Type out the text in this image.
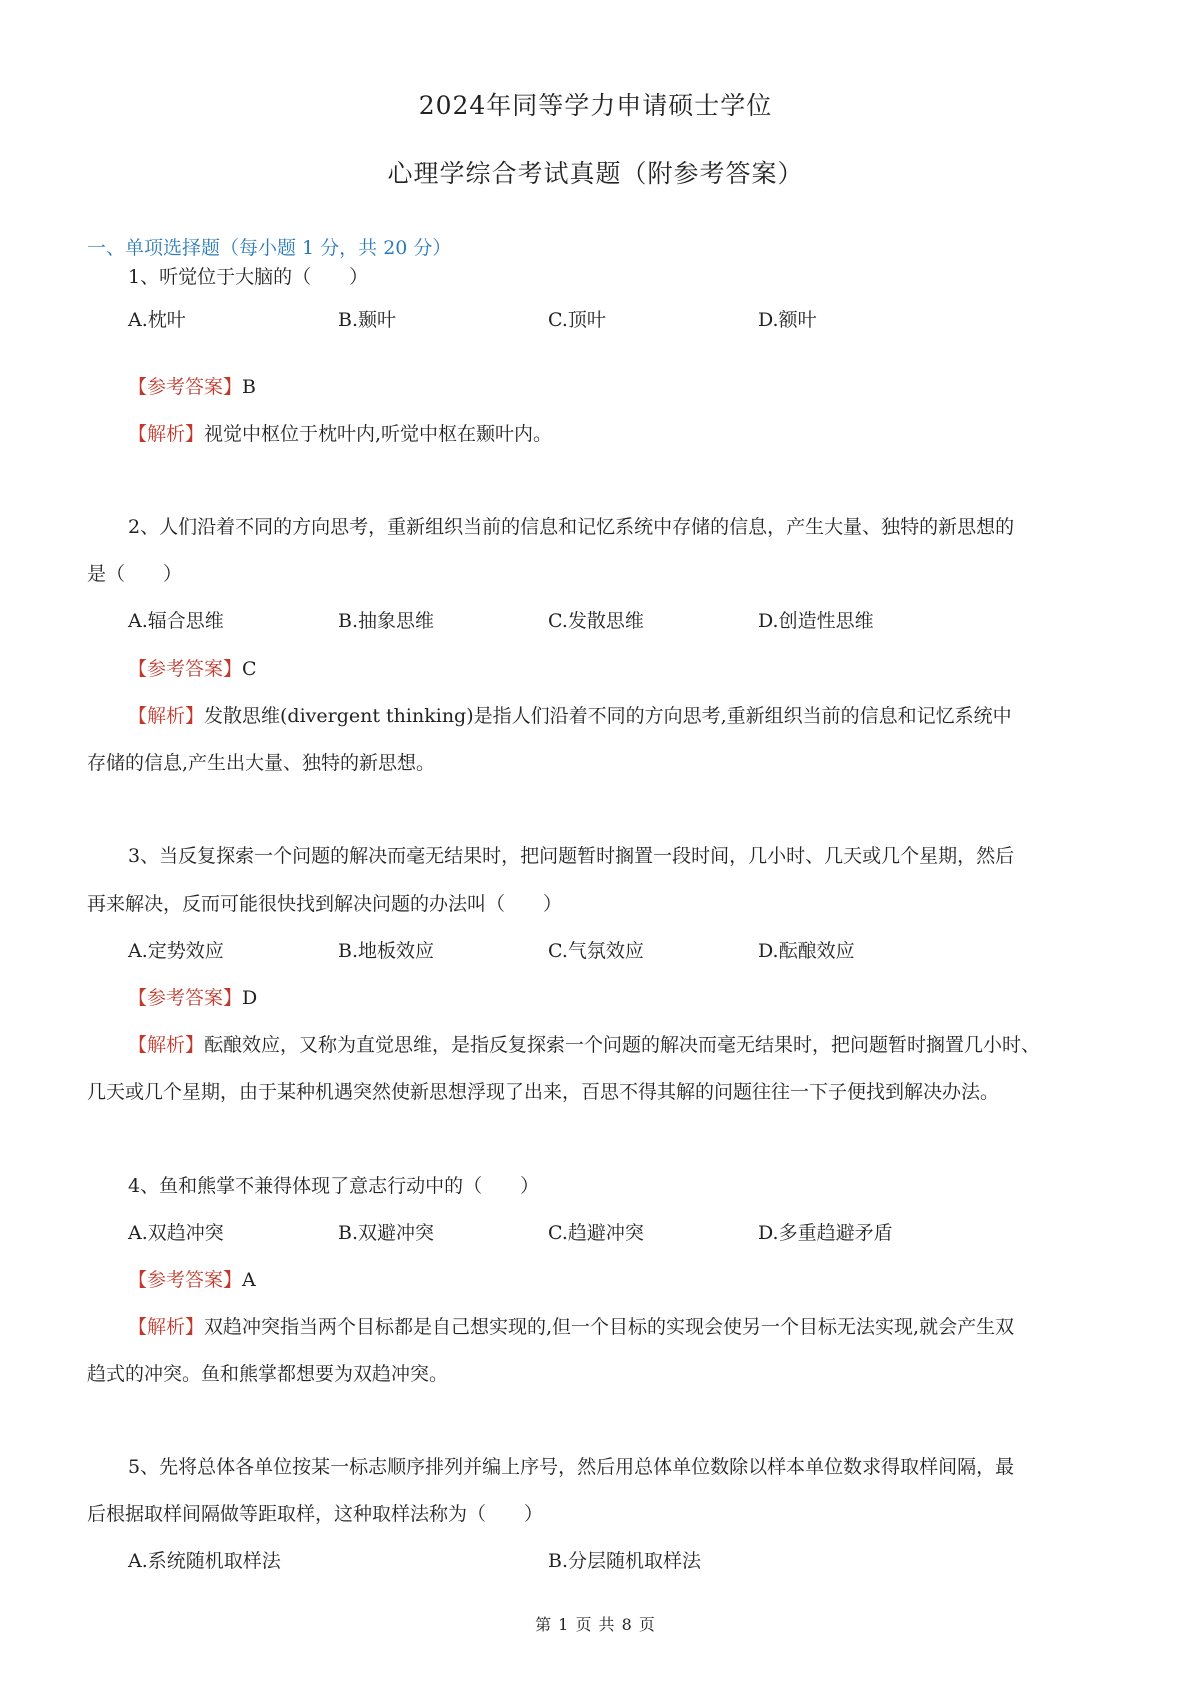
2024年同等学力申请硕士学位
心理学综合考试真题（附参考答案）
一、单项选择题（每小题 1 分，共 20 分）
1、听觉位于大脑的（　　）
A.枕叶	B.颞叶	C.顶叶	D.额叶
【参考答案】B
【解析】视觉中枢位于枕叶内,听觉中枢在颞叶内。
2、人们沿着不同的方向思考，重新组织当前的信息和记忆系统中存储的信息，产生大量、独特的新思想的
是（　　）
A.辐合思维	B.抽象思维	C.发散思维	D.创造性思维
【参考答案】C
【解析】发散思维(divergent thinking)是指人们沿着不同的方向思考,重新组织当前的信息和记忆系统中
存储的信息,产生出大量、独特的新思想。
3、当反复探索一个问题的解决而毫无结果时，把问题暂时搁置一段时间，几小时、几天或几个星期，然后
再来解决，反而可能很快找到解决问题的办法叫（　　）
A.定势效应	B.地板效应	C.气氛效应	D.酝酿效应
【参考答案】D
【解析】酝酿效应，又称为直觉思维，是指反复探索一个问题的解决而毫无结果时，把问题暂时搁置几小时、
几天或几个星期，由于某种机遇突然使新思想浮现了出来，百思不得其解的问题往往一下子便找到解决办法。
4、鱼和熊掌不兼得体现了意志行动中的（　　）
A.双趋冲突	B.双避冲突	C.趋避冲突	D.多重趋避矛盾
【参考答案】A
【解析】双趋冲突指当两个目标都是自己想实现的,但一个目标的实现会使另一个目标无法实现,就会产生双
趋式的冲突。鱼和熊掌都想要为双趋冲突。
5、先将总体各单位按某一标志顺序排列并编上序号，然后用总体单位数除以样本单位数求得取样间隔，最
后根据取样间隔做等距取样，这种取样法称为（　　）
A.系统随机取样法	B.分层随机取样法
第 1 页 共 8 页
